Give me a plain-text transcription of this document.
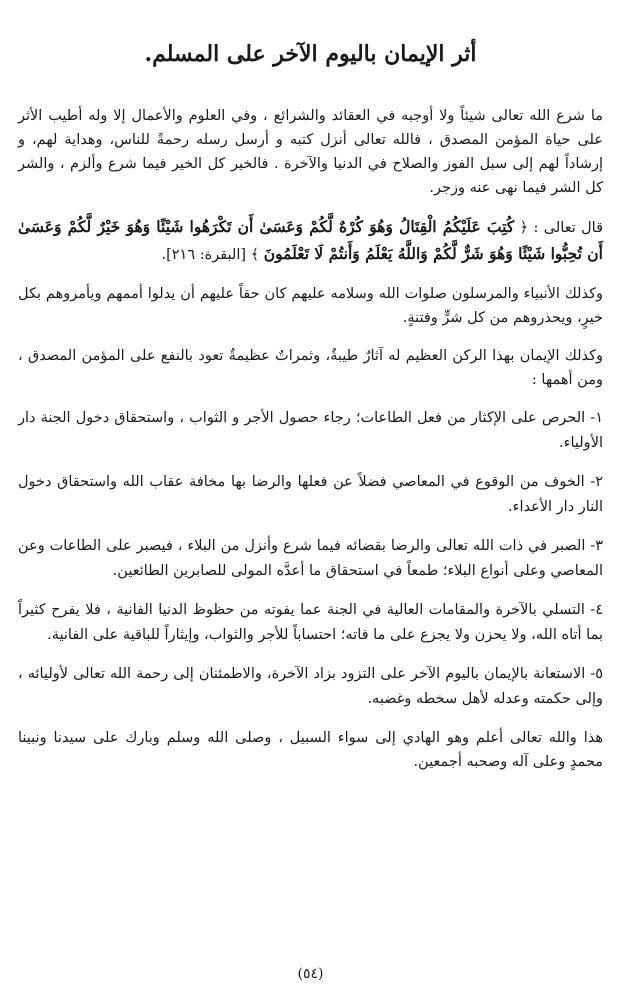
أثر الإيمان باليوم الآخر على المسلم.

ما شرع الله تعالى شيئاً ولا أوجبه في العقائد والشرائع ، وفي العلوم والأعمال إلا وله أطيب الأثر على حياة المؤمن المصدق ، فالله تعالى أنزل كتبه و أرسل رسله رحمةً للناس، وهداية لهم، و إرشاداً لهم إلى سبل الفوز والصلاح في الدنيا والآخرة . فالخير كل الخير فيما شرع وألزم ، والشر كل الشر فيما نهى عنه وزجر.

قال تعالى : ﴿ كُتِبَ عَلَيْكُمُ الْقِتَالُ وَهُوَ كُرْهٌ لَّكُمْ وَعَسَىٰ أَن تَكْرَهُوا شَيْئًا وَهُوَ خَيْرٌ لَّكُمْ وَعَسَىٰ أَن تُحِبُّوا شَيْئًا وَهُوَ شَرٌّ لَّكُمْ وَاللَّهُ يَعْلَمُ وَأَنتُمْ لَا تَعْلَمُونَ ﴾ [البقرة: ٢١٦].

وكذلك الأنبياء والمرسلون صلوات الله وسلامه عليهم كان حقاً عليهم أن يدلوا أممهم ويأمروهم بكل خيرٍ، ويحذروهم من كل شرٍّ وفتنةٍ.

وكذلك الإيمان بهذا الركن العظيم له آثارٌ طيبةٌ، وثمراتٌ عظيمةٌ تعود بالنفع على المؤمن المصدق ، ومن أهمها :

١- الحرص على الإكثار من فعل الطاعات؛ رجاء حصول الأجر و الثواب ، واستحقاق دخول الجنة دار الأولياء.
٢- الخوف من الوقوع في المعاصي فضلاً عن فعلها والرضا بها مخافة عقاب الله واستحقاق دخول النار دار الأعداء.
٣- الصبر في ذات الله تعالى والرضا بقضائه فيما شرع وأنزل من البلاء ، فيصبر على الطاعات وعن المعاصي وعلى أنواع البلاء؛ طمعاً في استحقاق ما أعدَّه المولى للصابرين الطائعين.
٤- التسلي بالآخرة والمقامات العالية في الجنة عما يفوته من حظوظ الدنيا الفانية ، فلا يفرح كثيراً بما أتاه الله، ولا يحزن ولا يجزع على ما فاته؛ احتساباً للأجر والثواب، وإيثاراً للباقية على الفانية.
٥- الاستعانة بالإيمان باليوم الآخر على التزود بزاد الآخرة، والاطمئنان إلى رحمة الله تعالى لأوليائه ، وإلى حكمته وعدله لأهل سخطه وغضبه.

هذا والله تعالى أعلم وهو الهادي إلى سواء السبيل ، وصلى الله وسلم وبارك على سيدنا ونبينا محمدٍ وعلى آله وصحبه أجمعين.

(٥٤)
